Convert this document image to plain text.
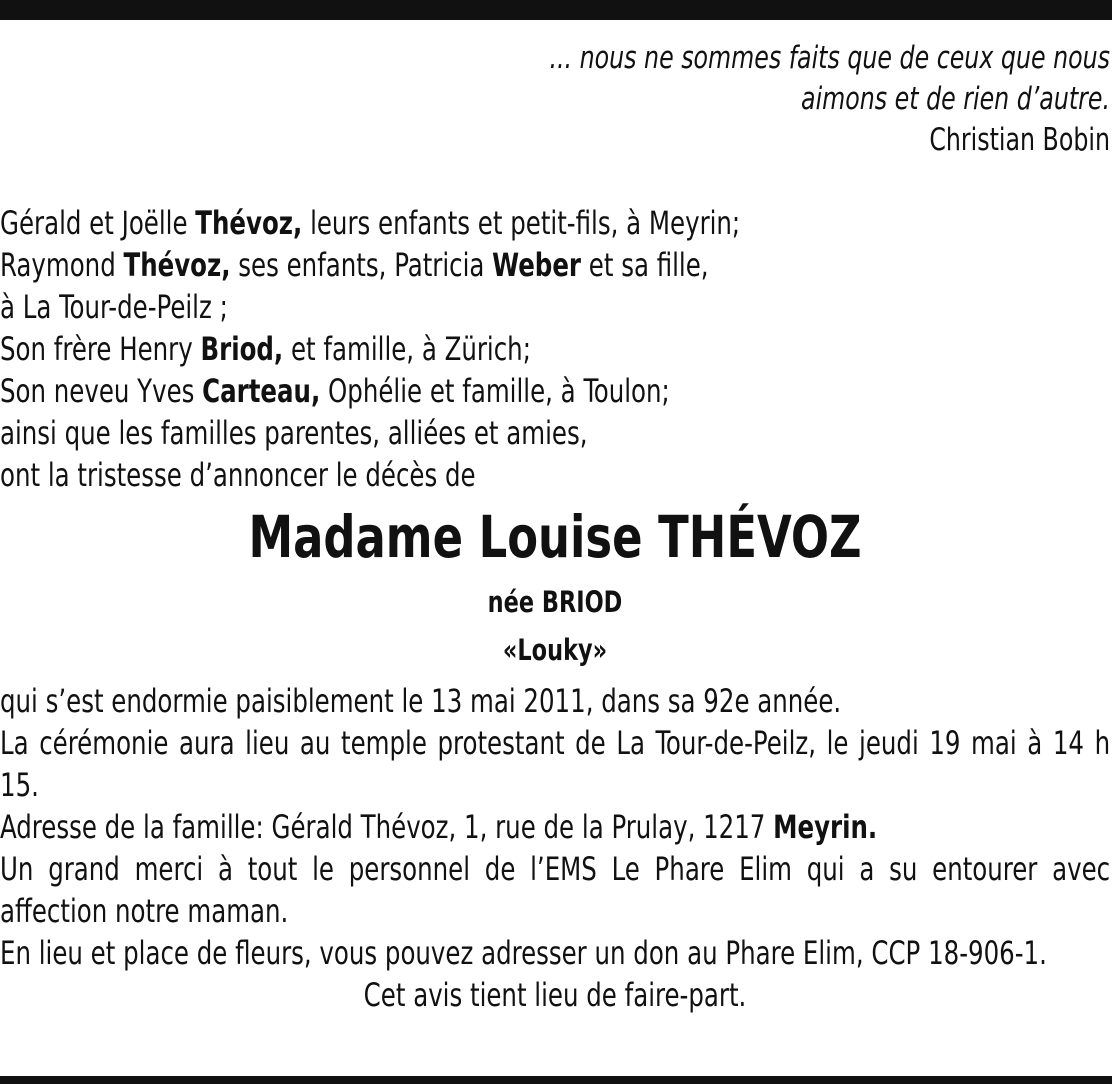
... nous ne sommes faits que de ceux que nous
aimons et de rien d’autre.
Christian Bobin
Gérald et Joëlle Thévoz, leurs enfants et petit-fils, à Meyrin;
Raymond Thévoz, ses enfants, Patricia Weber et sa fille,
à La Tour-de-Peilz ;
Son frère Henry Briod, et famille, à Zürich;
Son neveu Yves Carteau, Ophélie et famille, à Toulon;
ainsi que les familles parentes, alliées et amies,
ont la tristesse d’annoncer le décès de
Madame Louise THÉVOZ
née BRIOD
«Louky»
qui s’est endormie paisiblement le 13 mai 2011, dans sa 92e année.
La cérémonie aura lieu au temple protestant de La Tour-de-Peilz, le jeudi 19 mai à 14 h 15.
Adresse de la famille: Gérald Thévoz, 1, rue de la Prulay, 1217 Meyrin.
Un grand merci à tout le personnel de l’EMS Le Phare Elim qui a su entourer avec affection notre maman.
En lieu et place de fleurs, vous pouvez adresser un don au Phare Elim, CCP 18-906-1.
Cet avis tient lieu de faire-part.
